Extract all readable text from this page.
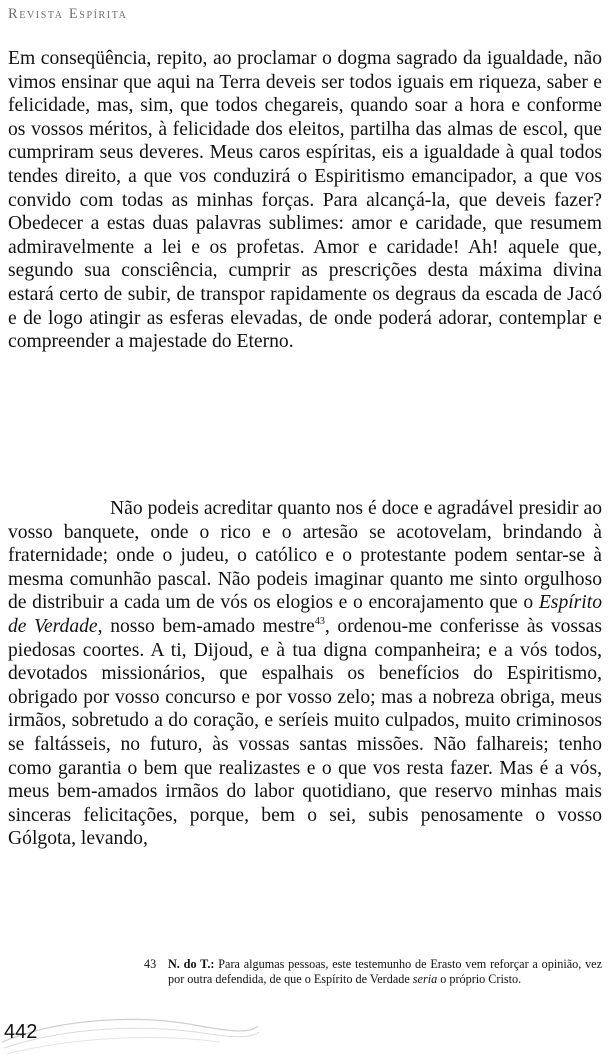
Revista Espírita
Em conseqüência, repito, ao proclamar o dogma sagrado da igualdade, não vimos ensinar que aqui na Terra deveis ser todos iguais em riqueza, saber e felicidade, mas, sim, que todos chegareis, quando soar a hora e conforme os vossos méritos, à felicidade dos eleitos, partilha das almas de escol, que cumpriram seus deveres. Meus caros espíritas, eis a igualdade à qual todos tendes direito, a que vos conduzirá o Espiritismo emancipador, a que vos convido com todas as minhas forças. Para alcançá-la, que deveis fazer? Obedecer a estas duas palavras sublimes: amor e caridade, que resumem admiravelmente a lei e os profetas. Amor e caridade! Ah! aquele que, segundo sua consciência, cumprir as prescrições desta máxima divina estará certo de subir, de transpor rapidamente os degraus da escada de Jacó e de logo atingir as esferas elevadas, de onde poderá adorar, contemplar e compreender a majestade do Eterno.
Não podeis acreditar quanto nos é doce e agradável presidir ao vosso banquete, onde o rico e o artesão se acotovelam, brindando à fraternidade; onde o judeu, o católico e o protestante podem sentar-se à mesma comunhão pascal. Não podeis imaginar quanto me sinto orgulhoso de distribuir a cada um de vós os elogios e o encorajamento que o Espírito de Verdade, nosso bem-amado mestre$^{43}$, ordenou-me conferisse às vossas piedosas coortes. A ti, Dijoud, e à tua digna companheira; e a vós todos, devotados missionários, que espalhais os benefícios do Espiritismo, obrigado por vosso concurso e por vosso zelo; mas a nobreza obriga, meus irmãos, sobretudo a do coração, e seríeis muito culpados, muito criminosos se faltásseis, no futuro, às vossas santas missões. Não falhareis; tenho como garantia o bem que realizastes e o que vos resta fazer. Mas é a vós, meus bem-amados irmãos do labor quotidiano, que reservo minhas mais sinceras felicitações, porque, bem o sei, subis penosamente o vosso Gólgota, levando,
43 N. do T.: Para algumas pessoas, este testemunho de Erasto vem reforçar a opinião, vez por outra defendida, de que o Espírito de Verdade seria o próprio Cristo.
442
